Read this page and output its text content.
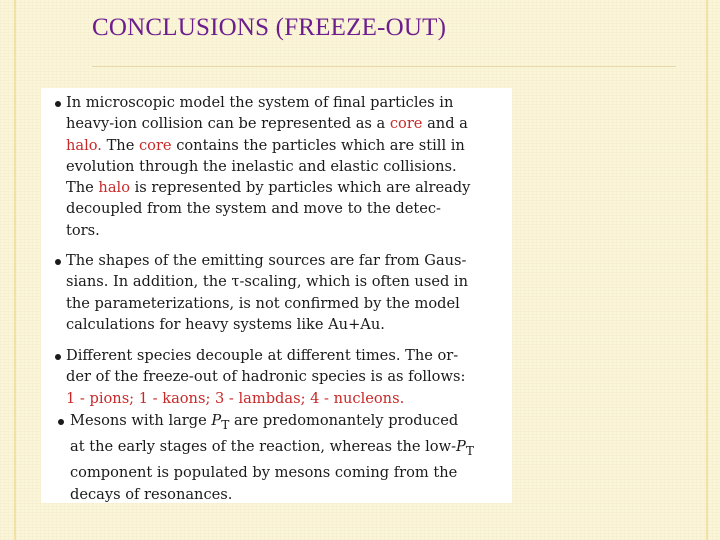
CONCLUSIONS (FREEZE-OUT)
In microscopic model the system of final particles in
heavy-ion collision can be represented as a core and a
halo. The core contains the particles which are still in
evolution through the inelastic and elastic collisions.
The halo is represented by particles which are already
decoupled from the system and move to the detec-
tors.
The shapes of the emitting sources are far from Gaus-
sians. In addition, the τ-scaling, which is often used in
the parameterizations, is not confirmed by the model
calculations for heavy systems like Au+Au.
Different species decouple at different times. The or-
der of the freeze-out of hadronic species is as follows:
1 - pions; 1 - kaons; 3 - lambdas; 4 - nucleons.
Mesons with large $P_T$ are predomonantely produced
at the early stages of the reaction, whereas the low-$P_T$
component is populated by mesons coming from the
decays of resonances.
